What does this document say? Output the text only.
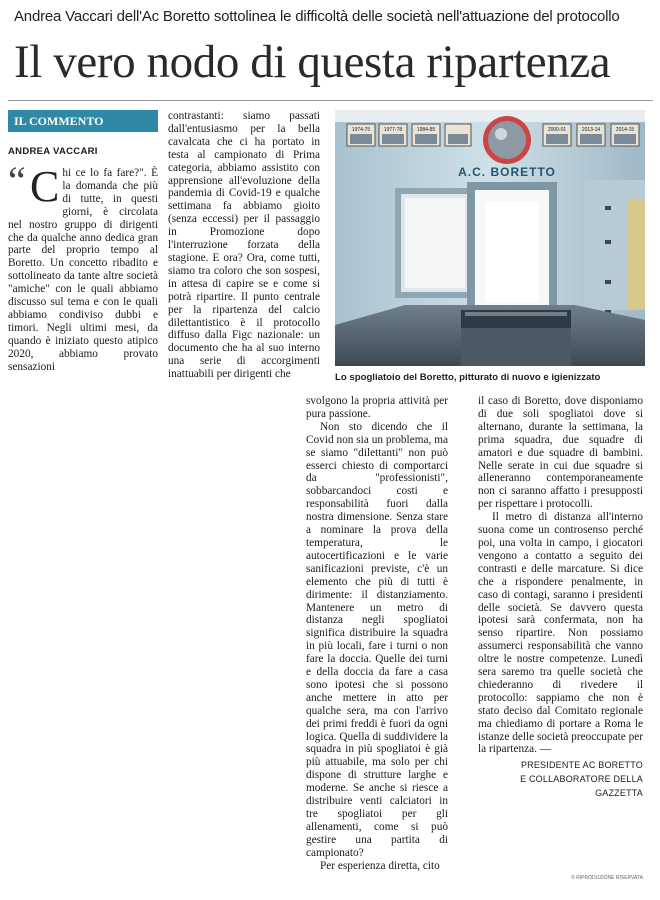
Andrea Vaccari dell'Ac Boretto sottolinea le difficoltà delle società nell'attuazione del protocollo
Il vero nodo di questa ripartenza
IL COMMENTO
ANDREA VACCARI
“ C hi ce lo fa fare?". È la domanda che più di tutte, in questi giorni, è circolata nel nostro gruppo di dirigenti che da qualche anno dedica gran parte del proprio tempo al Boretto. Un concetto ribadito e sottolineato da tante altre società "amiche" con le quali abbiamo discusso sul tema e con le quali abbiamo condiviso dubbi e timori. Negli ultimi mesi, da quando è iniziato questo atipico 2020, abbiamo provato sensazioni

contrastanti: siamo passati dall'entusiasmo per la bella cavalcata che ci ha portato in testa al campionato di Prima categoria, abbiamo assistito con apprensione all'evoluzione della pandemia di Covid-19 e qualche settimana fa abbiamo gioito (senza eccessi) per il passaggio in Promozione dopo l'interruzione forzata della stagione. E ora? Ora, come tutti, siamo tra coloro che son sospesi, in attesa di capire se e come si potrà ripartire. Il punto centrale per la ripartenza del calcio dilettantistico è il protocollo diffuso dalla Figc nazionale: un documento che ha al suo interno una serie di accorgimenti inattuabili per dirigenti che

1974-75	1977-78	1984-85	2000-01	2013-14	2014-15
A.C. BORETTO
Lo spogliatoio del Boretto, pitturato di nuovo e igienizzato

svolgono la propria attività per pura passione.

Non sto dicendo che il Covid non sia un problema, ma se siamo "dilettanti" non può esserci chiesto di comportarci da "professionisti", sobbarcandoci costi e responsabilità fuori dalla nostra dimensione. Senza stare a nominare la prova della temperatura, le autocertificazioni e le varie sanificazioni previste, c'è un elemento che più di tutti è dirimente: il distanziamento. Mantenere un metro di distanza negli spogliatoi significa distribuire la squadra in più locali, fare i turni o non fare la doccia. Quelle dei turni e della doccia da fare a casa sono ipotesi che si possono anche mettere in atto per qualche sera, ma con l'arrivo dei primi freddi è fuori da ogni logica. Quella di suddividere la squadra in più spogliatoi è già più attuabile, ma solo per chi dispone di strutture larghe e moderne. Se anche si riesce a distribuire venti calciatori in tre spogliatoi per gli allenamenti, come si può gestire una partita di campionato?

Per esperienza diretta, cito

il caso di Boretto, dove disponiamo di due soli spogliatoi dove si alternano, durante la settimana, la prima squadra, due squadre di amatori e due squadre di bambini. Nelle serate in cui due squadre si alleneranno contemporaneamente non ci saranno affatto i presupposti per rispettare i protocolli.

Il metro di distanza all'interno suona come un controsenso perché poi, una volta in campo, i giocatori vengono a contatto a seguito dei contrasti e delle marcature. Si dice che a rispondere penalmente, in caso di contagi, saranno i presidenti delle società. Se davvero questa ipotesi sarà confermata, non ha senso ripartire. Non possiamo assumerci responsabilità che vanno oltre le nostre competenze. Lunedì sera saremo tra quelle società che chiederanno di rivedere il protocollo: sappiamo che non è stato deciso dal Comitato regionale ma chiediamo di portare a Roma le istanze delle società preoccupate per la ripartenza. —

PRESIDENTE AC BORETTO
E COLLABORATORE DELLA GAZZETTA
© RIPRODUZIONE RISERVATA
